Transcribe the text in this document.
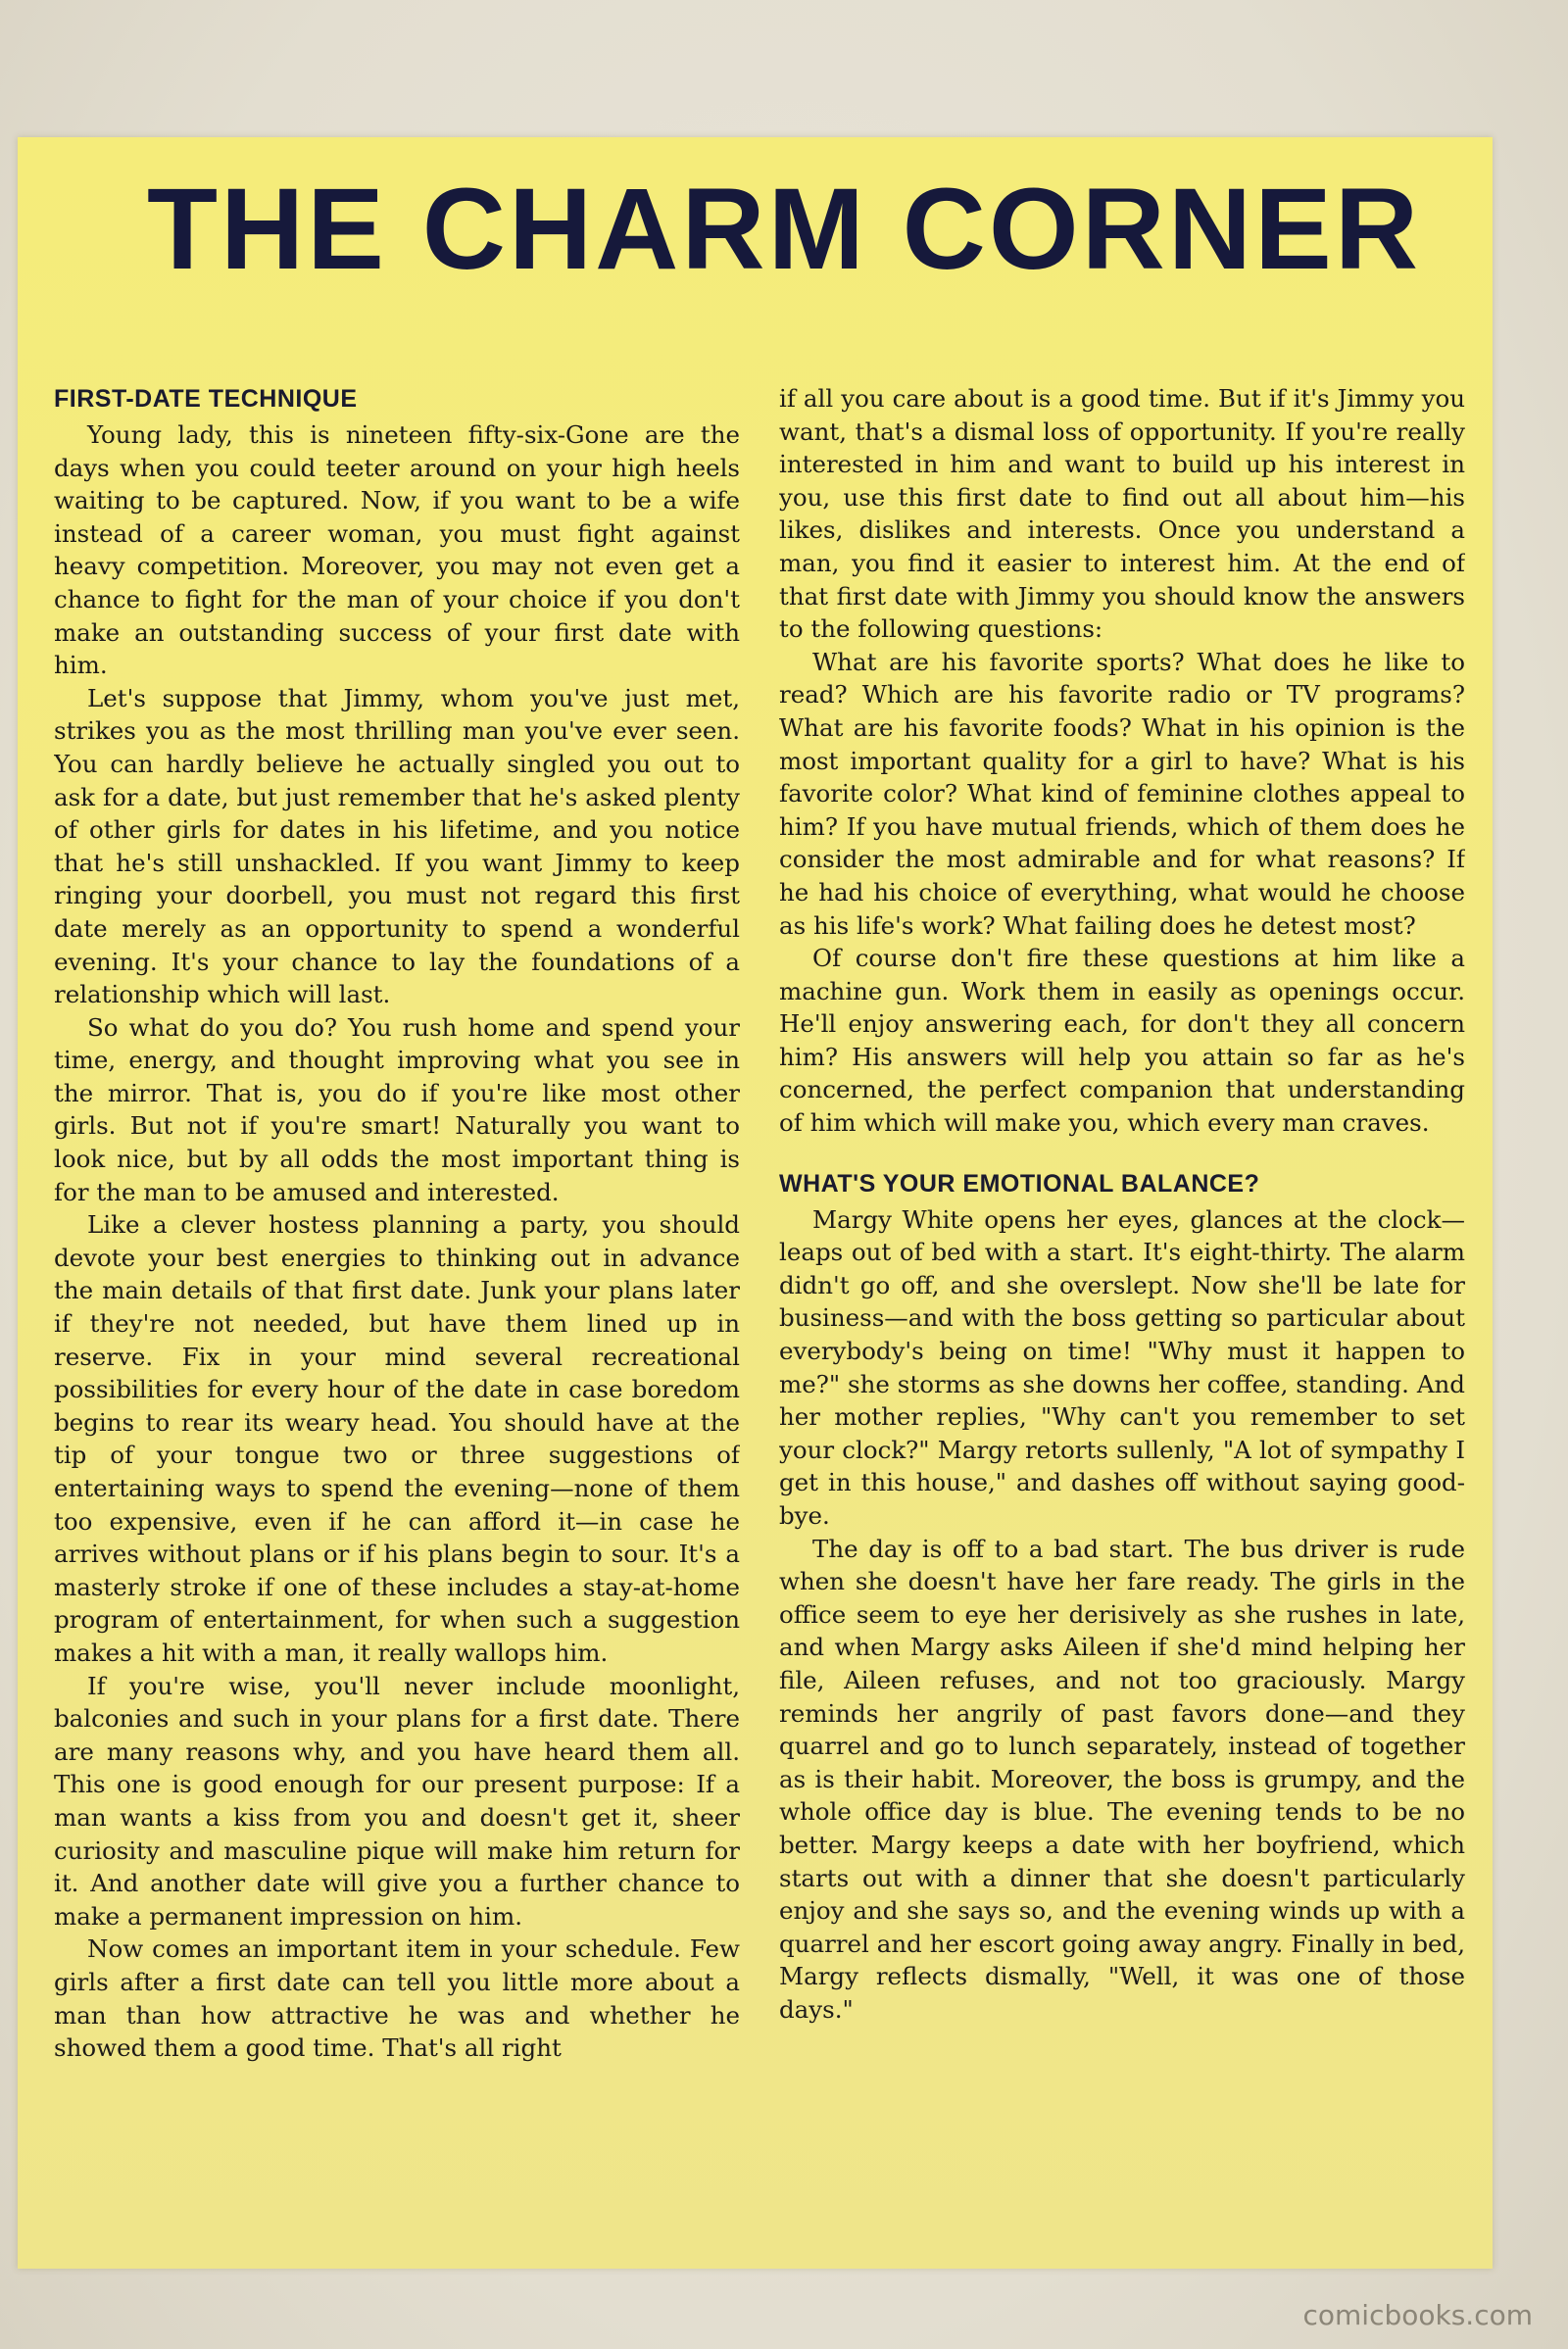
THE CHARM CORNER
FIRST-DATE TECHNIQUE

Young lady, this is nineteen fifty-six-Gone are the days when you could teeter around on your high heels waiting to be captured. Now, if you want to be a wife instead of a career woman, you must fight against heavy competition. Moreover, you may not even get a chance to fight for the man of your choice if you don't make an outstanding success of your first date with him.

Let's suppose that Jimmy, whom you've just met, strikes you as the most thrilling man you've ever seen. You can hardly believe he actually singled you out to ask for a date, but just remember that he's asked plenty of other girls for dates in his lifetime, and you notice that he's still unshackled. If you want Jimmy to keep ringing your doorbell, you must not regard this first date merely as an opportunity to spend a wonderful evening. It's your chance to lay the foundations of a relationship which will last.

So what do you do? You rush home and spend your time, energy, and thought improving what you see in the mirror. That is, you do if you're like most other girls. But not if you're smart! Naturally you want to look nice, but by all odds the most important thing is for the man to be amused and interested.

Like a clever hostess planning a party, you should devote your best energies to thinking out in advance the main details of that first date. Junk your plans later if they're not needed, but have them lined up in reserve. Fix in your mind several recreational possibilities for every hour of the date in case boredom begins to rear its weary head. You should have at the tip of your tongue two or three suggestions of entertaining ways to spend the evening—none of them too expensive, even if he can afford it—in case he arrives without plans or if his plans begin to sour. It's a masterly stroke if one of these includes a stay-at-home program of entertainment, for when such a suggestion makes a hit with a man, it really wallops him.

If you're wise, you'll never include moonlight, balconies and such in your plans for a first date. There are many reasons why, and you have heard them all. This one is good enough for our present purpose: If a man wants a kiss from you and doesn't get it, sheer curiosity and masculine pique will make him return for it. And another date will give you a further chance to make a permanent impression on him.

Now comes an important item in your schedule. Few girls after a first date can tell you little more about a man than how attractive he was and whether he showed them a good time. That's all right

if all you care about is a good time. But if it's Jimmy you want, that's a dismal loss of opportunity. If you're really interested in him and want to build up his interest in you, use this first date to find out all about him—his likes, dislikes and interests. Once you understand a man, you find it easier to interest him. At the end of that first date with Jimmy you should know the answers to the following questions:

What are his favorite sports? What does he like to read? Which are his favorite radio or TV programs? What are his favorite foods? What in his opinion is the most important quality for a girl to have? What is his favorite color? What kind of feminine clothes appeal to him? If you have mutual friends, which of them does he consider the most admirable and for what reasons? If he had his choice of everything, what would he choose as his life's work? What failing does he detest most?

Of course don't fire these questions at him like a machine gun. Work them in easily as openings occur. He'll enjoy answering each, for don't they all concern him? His answers will help you attain so far as he's concerned, the perfect companion that understanding of him which will make you, which every man craves.

WHAT'S YOUR EMOTIONAL BALANCE?

Margy White opens her eyes, glances at the clock—leaps out of bed with a start. It's eight-thirty. The alarm didn't go off, and she overslept. Now she'll be late for business—and with the boss getting so particular about everybody's being on time! "Why must it happen to me?" she storms as she downs her coffee, standing. And her mother replies, "Why can't you remember to set your clock?" Margy retorts sullenly, "A lot of sympathy I get in this house," and dashes off without saying good-bye.

The day is off to a bad start. The bus driver is rude when she doesn't have her fare ready. The girls in the office seem to eye her derisively as she rushes in late, and when Margy asks Aileen if she'd mind helping her file, Aileen refuses, and not too graciously. Margy reminds her angrily of past favors done—and they quarrel and go to lunch separately, instead of together as is their habit. Moreover, the boss is grumpy, and the whole office day is blue. The evening tends to be no better. Margy keeps a date with her boyfriend, which starts out with a dinner that she doesn't particularly enjoy and she says so, and the evening winds up with a quarrel and her escort going away angry. Finally in bed, Margy reflects dismally, "Well, it was one of those days."

comicbooks.com
